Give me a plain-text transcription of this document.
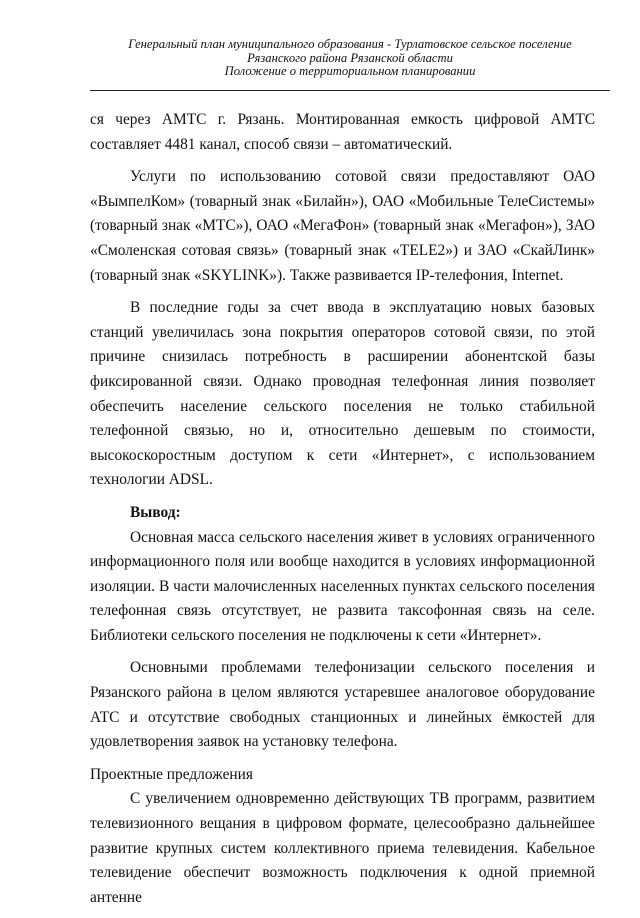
Генеральный план муниципального образования - Турлатовское сельское поселение
Рязанского района Рязанской области
Положение о территориальном планировании

ся через АМТС г. Рязань. Монтированная емкость цифровой АМТС составляет 4481 канал, способ связи – автоматический.

Услуги по использованию сотовой связи предоставляют ОАО «ВымпелКом» (товарный знак «Билайн»), ОАО «Мобильные ТелеСистемы» (товарный знак «МТС»), ОАО «МегаФон» (товарный знак «Мегафон»), ЗАО «Смоленская сотовая связь» (товарный знак «TELE2») и ЗАО «СкайЛинк» (товарный знак «SKYLINK»). Также развивается IP-телефония, Internet.

В последние годы за счет ввода в эксплуатацию новых базовых станций увеличилась зона покрытия операторов сотовой связи, по этой причине снизилась потребность в расширении абонентской базы фиксированной связи. Однако проводная телефонная линия позволяет обеспечить население сельского поселения не только стабильной телефонной связью, но и, относительно дешевым по стоимости, высокоскоростным доступом к сети «Интернет», с использованием технологии ADSL.

Вывод:

Основная масса сельского населения живет в условиях ограниченного информационного поля или вообще находится в условиях информационной изоляции. В части малочисленных населенных пунктах сельского поселения телефонная связь отсутствует, не развита таксофонная связь на селе. Библиотеки сельского поселения не подключены к сети «Интернет».

Основными проблемами телефонизации сельского поселения и Рязанского района в целом являются устаревшее аналоговое оборудование АТС и отсутствие свободных станционных и линейных ёмкостей для удовлетворения заявок на установку телефона.

Проектные предложения

С увеличением одновременно действующих ТВ программ, развитием телевизионного вещания в цифровом формате, целесообразно дальнейшее развитие крупных систем коллективного приема телевидения. Кабельное телевидение обеспечит возможность подключения к одной приемной антенне
